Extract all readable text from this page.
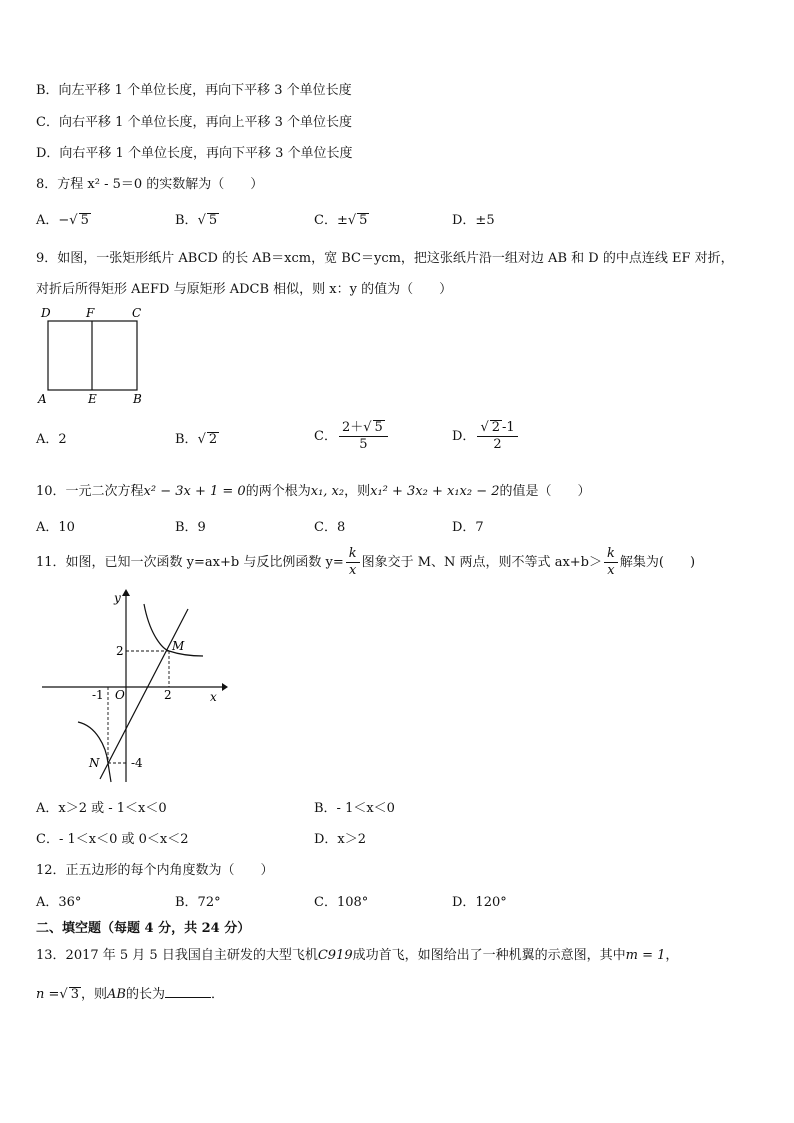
B．向左平移 1 个单位长度，再向下平移 3 个单位长度
C．向右平移 1 个单位长度，再向上平移 3 个单位长度
D．向右平移 1 个单位长度，再向下平移 3 个单位长度
8．方程 x² - 5＝0 的实数解为（　　）
A．−√ 5	B．√ 5	C．±√ 5	D．±5
9．如图，一张矩形纸片 ABCD 的长 AB＝xcm，宽 BC＝ycm，把这张纸片沿一组对边 AB 和 D 的中点连线 EF 对折，
对折后所得矩形 AEFD 与原矩形 ADCB 相似，则 x：y 的值为（　　）
D	F	C
A	E	B
A．2	B．√ 2	C． $\frac{2+√ 5}{5}$	D． $\frac{√ 2 -1}{2}$
10．一元二次方程x² − 3x + 1 = 0的两个根为x₁, x₂，则x₁² + 3x₂ + x₁x₂ − 2的值是（　　）
A．10	B．9	C．8	D．7
11．如图，已知一次函数 y=ax+b 与反比例函数 $y= \frac{k}{x}$ 图象交于 M、N 两点，则不等式 $ax+b> \frac{k}{x}$ 解集为(　　)
y
x
O
2	M
-1	2
N	-4
A．x＞2 或 - 1＜x＜0	B．- 1＜x＜0
C．- 1＜x＜0 或 0＜x＜2	D．x＞2
12．正五边形的每个内角度数为（　　）
A．36°	B．72°	C．108°	D．120°
二、填空题（每题 4 分，共 24 分）
13．2017 年 5 月 5 日我国自主研发的大型飞机C919成功首飞，如图给出了一种机翼的示意图，其中m = 1，
n =√ 3 ，则AB的长为	．
